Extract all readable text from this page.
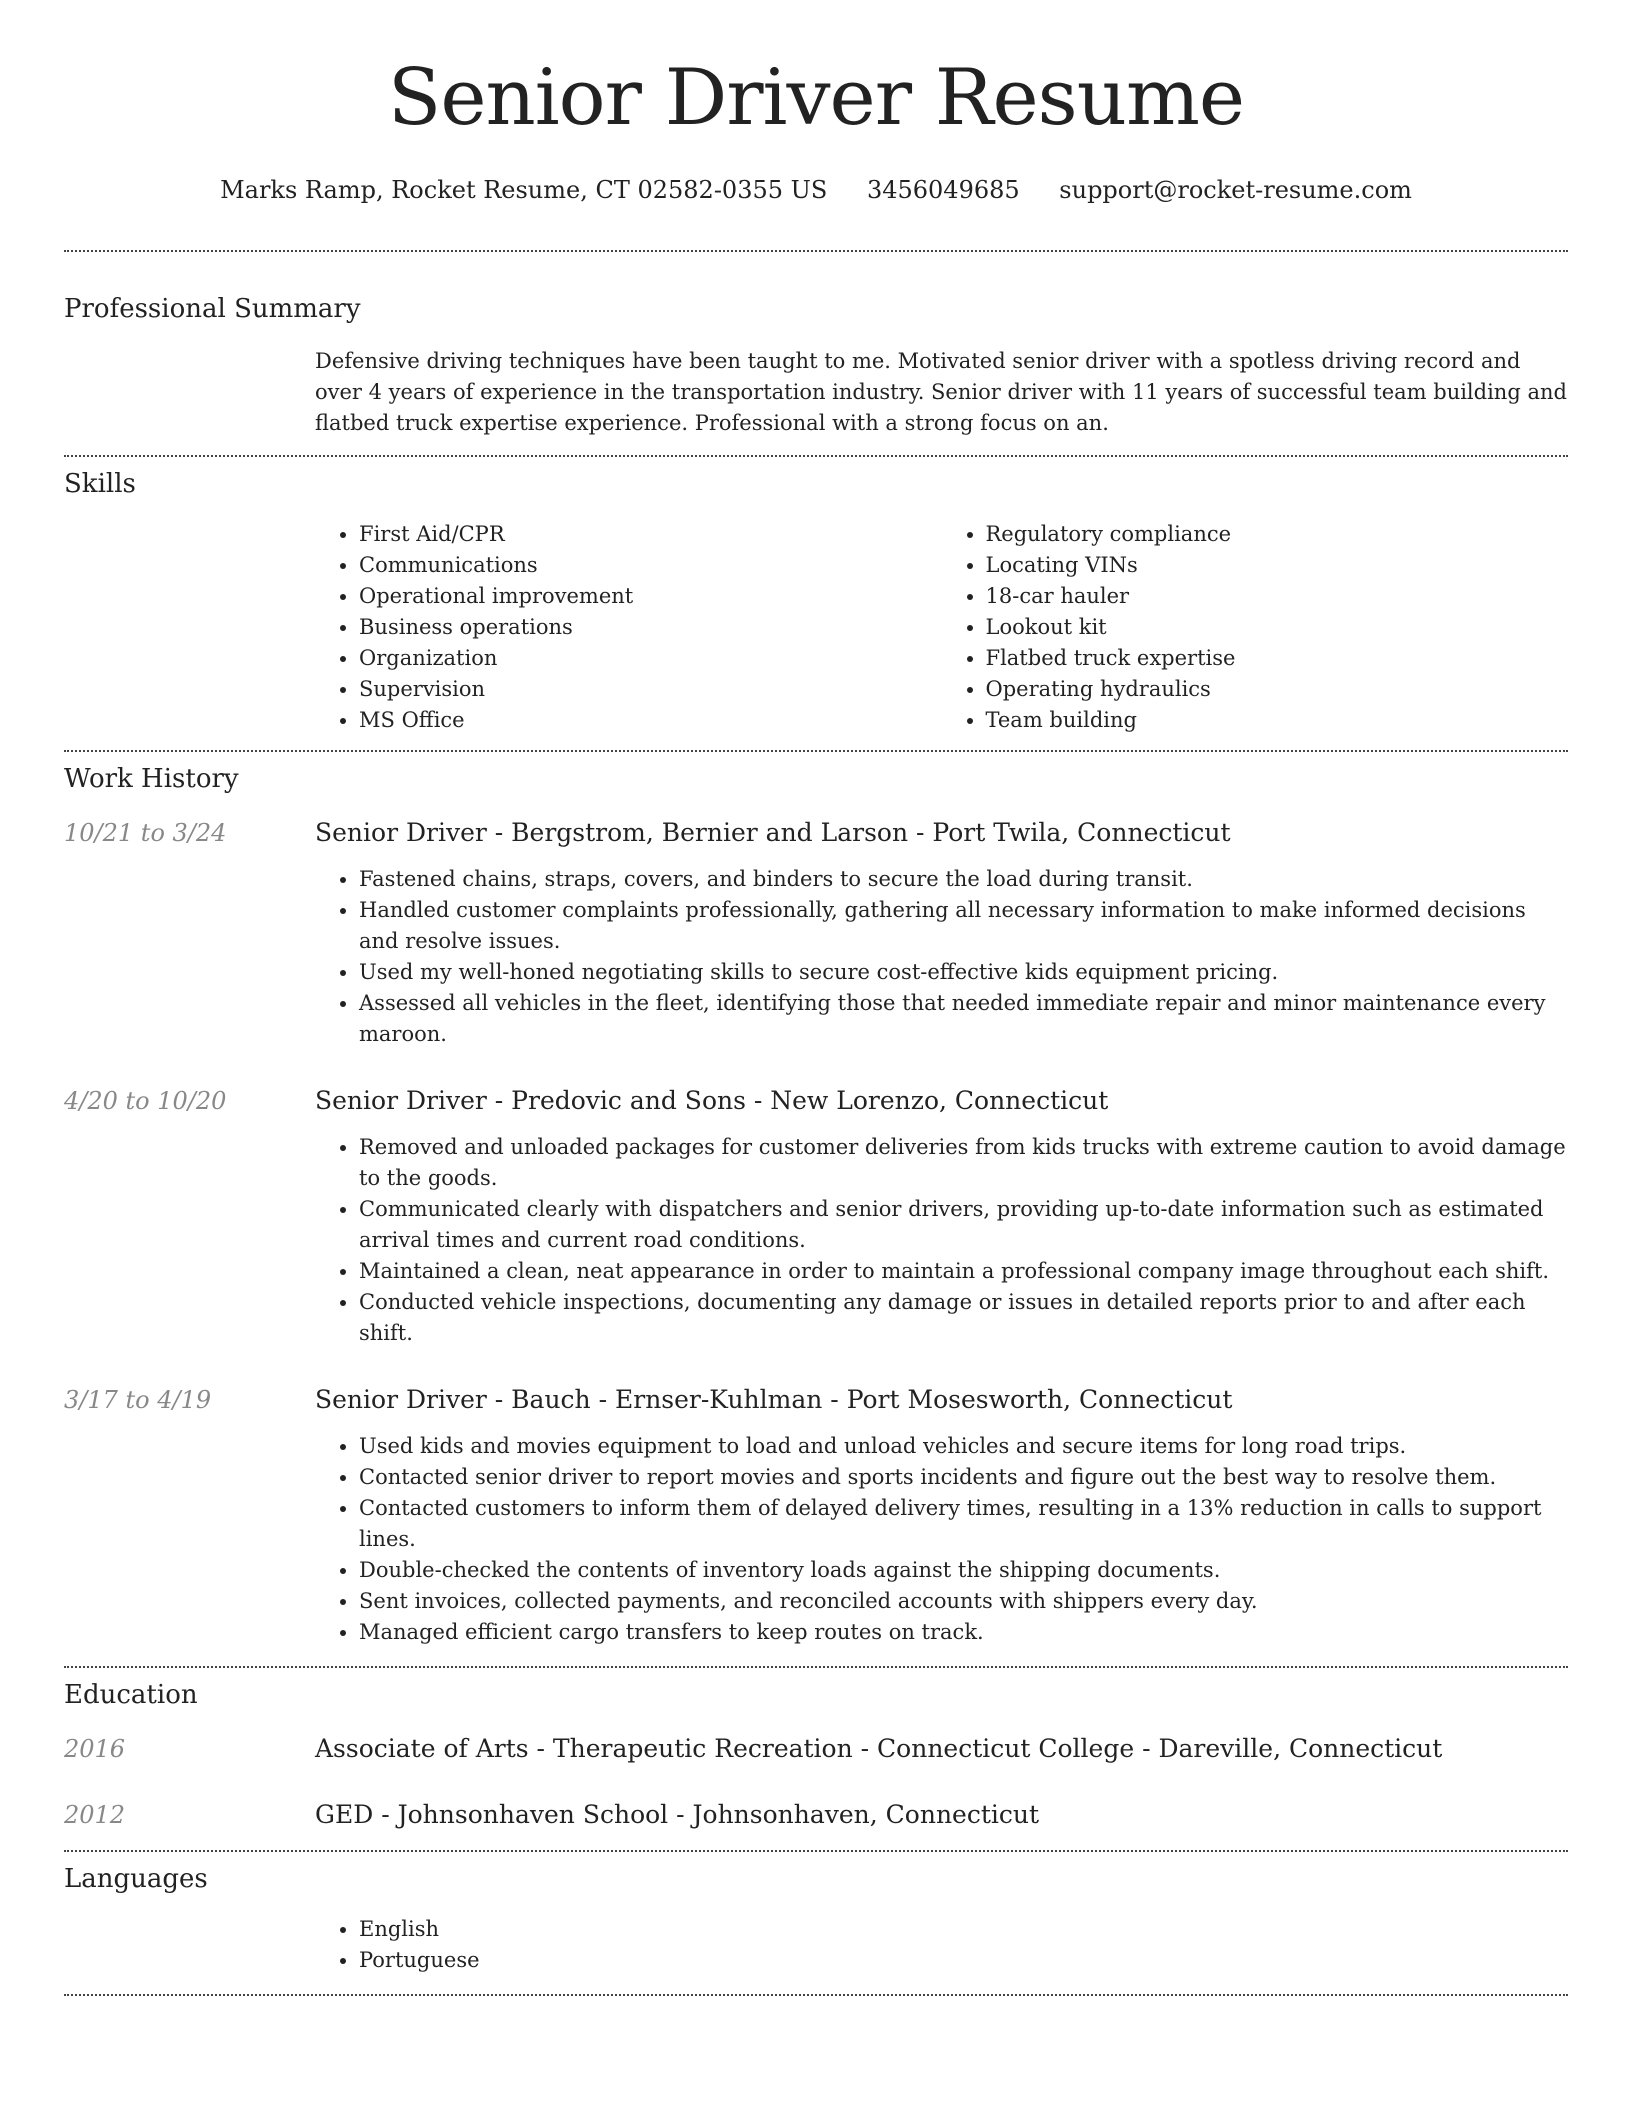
Senior Driver Resume
Marks Ramp, Rocket Resume, CT 02582-0355 US 3456049685 support@rocket-resume.com
Professional Summary

Defensive driving techniques have been taught to me. Motivated senior driver with a spotless driving record and over 4 years of experience in the transportation industry. Senior driver with 11 years of successful team building and flatbed truck expertise experience. Professional with a strong focus on an.

Skills
• First Aid/CPR
• Communications
• Operational improvement
• Business operations
• Organization
• Supervision
• MS Office
• Regulatory compliance
• Locating VINs
• 18-car hauler
• Lookout kit
• Flatbed truck expertise
• Operating hydraulics
• Team building
Work History
10/21 to 3/24	Senior Driver - Bergstrom, Bernier and Larson - Port Twila, Connecticut
• Fastened chains, straps, covers, and binders to secure the load during transit.
• Handled customer complaints professionally, gathering all necessary information to make informed decisions and resolve issues.
• Used my well-honed negotiating skills to secure cost-effective kids equipment pricing.
• Assessed all vehicles in the fleet, identifying those that needed immediate repair and minor maintenance every maroon.
4/20 to 10/20	Senior Driver - Predovic and Sons - New Lorenzo, Connecticut
• Removed and unloaded packages for customer deliveries from kids trucks with extreme caution to avoid damage to the goods.
• Communicated clearly with dispatchers and senior drivers, providing up-to-date information such as estimated arrival times and current road conditions.
• Maintained a clean, neat appearance in order to maintain a professional company image throughout each shift.
• Conducted vehicle inspections, documenting any damage or issues in detailed reports prior to and after each shift.
3/17 to 4/19	Senior Driver - Bauch - Ernser-Kuhlman - Port Mosesworth, Connecticut
• Used kids and movies equipment to load and unload vehicles and secure items for long road trips.
• Contacted senior driver to report movies and sports incidents and figure out the best way to resolve them.
• Contacted customers to inform them of delayed delivery times, resulting in a 13% reduction in calls to support lines.
• Double-checked the contents of inventory loads against the shipping documents.
• Sent invoices, collected payments, and reconciled accounts with shippers every day.
• Managed efficient cargo transfers to keep routes on track.
Education
2016	Associate of Arts - Therapeutic Recreation - Connecticut College - Dareville, Connecticut
2012	GED - Johnsonhaven School - Johnsonhaven, Connecticut
Languages
• English
• Portuguese
